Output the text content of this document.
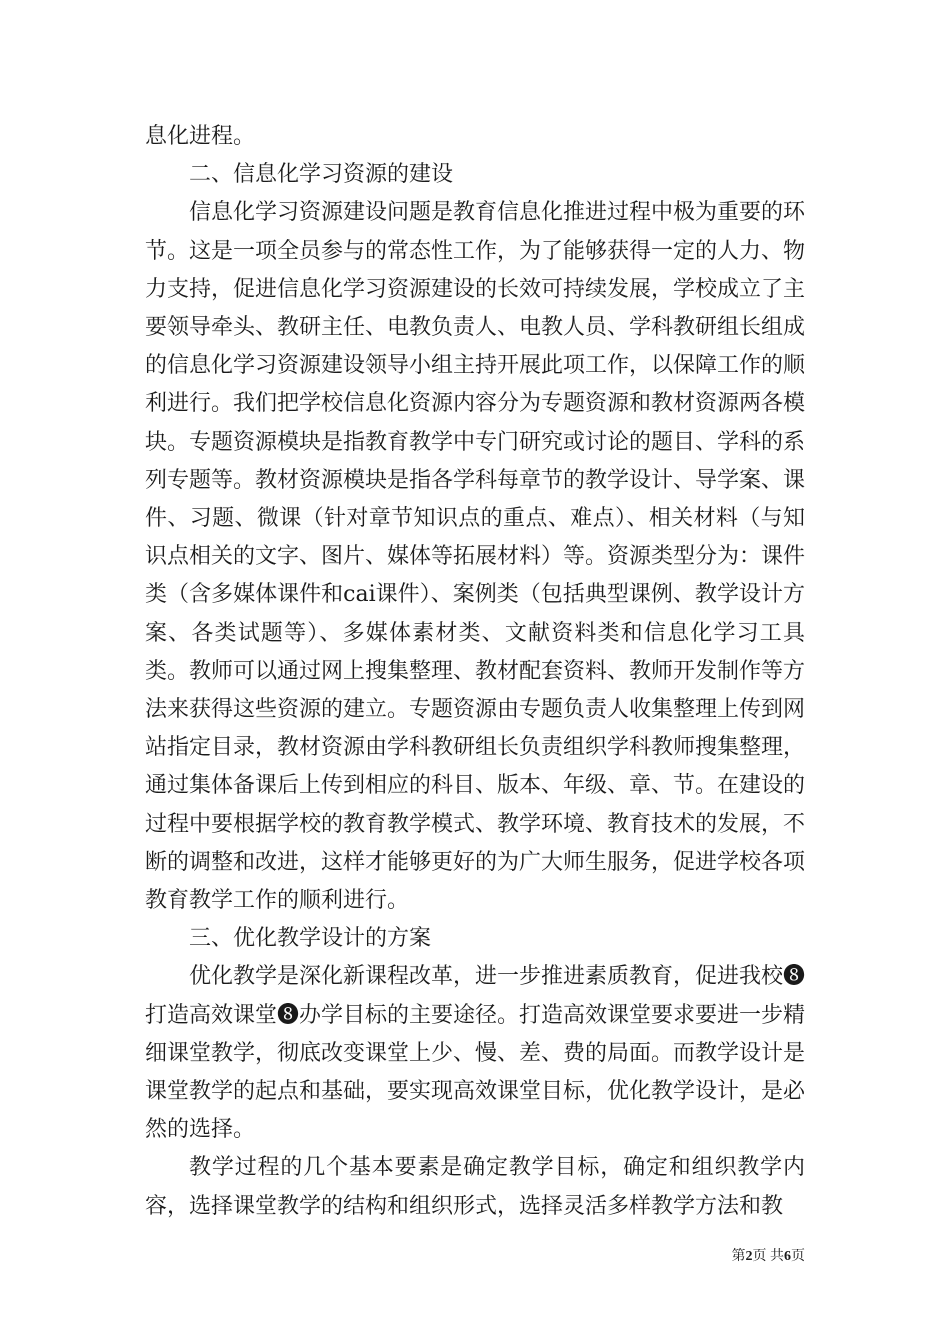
息化进程。

二、信息化学习资源的建设

信息化学习资源建设问题是教育信息化推进过程中极为重要的环节。这是一项全员参与的常态性工作，为了能够获得一定的人力、物力支持，促进信息化学习资源建设的长效可持续发展，学校成立了主要领导牵头、教研主任、电教负责人、电教人员、学科教研组长组成的信息化学习资源建设领导小组主持开展此项工作，以保障工作的顺利进行。我们把学校信息化资源内容分为专题资源和教材资源两各模块。专题资源模块是指教育教学中专门研究或讨论的题目、学科的系列专题等。教材资源模块是指各学科每章节的教学设计、导学案、课件、习题、微课（针对章节知识点的重点、难点）、相关材料（与知识点相关的文字、图片、媒体等拓展材料）等。资源类型分为：课件类（含多媒体课件和cai课件）、案例类（包括典型课例、教学设计方案、各类试题等）、多媒体素材类、文献资料类和信息化学习工具类。教师可以通过网上搜集整理、教材配套资料、教师开发制作等方法来获得这些资源的建立。专题资源由专题负责人收集整理上传到网站指定目录，教材资源由学科教研组长负责组织学科教师搜集整理，通过集体备课后上传到相应的科目、版本、年级、章、节。在建设的过程中要根据学校的教育教学模式、教学环境、教育技术的发展，不断的调整和改进，这样才能够更好的为广大师生服务，促进学校各项教育教学工作的顺利进行。

三、优化教学设计的方案

优化教学是深化新课程改革，进一步推进素质教育，促进我校❽打造高效课堂❽办学目标的主要途径。打造高效课堂要求要进一步精细课堂教学，彻底改变课堂上少、慢、差、费的局面。而教学设计是课堂教学的起点和基础，要实现高效课堂目标，优化教学设计，是必然的选择。

教学过程的几个基本要素是确定教学目标，确定和组织教学内容，选择课堂教学的结构和组织形式，选择灵活多样教学方法和教

第2页 共6页
